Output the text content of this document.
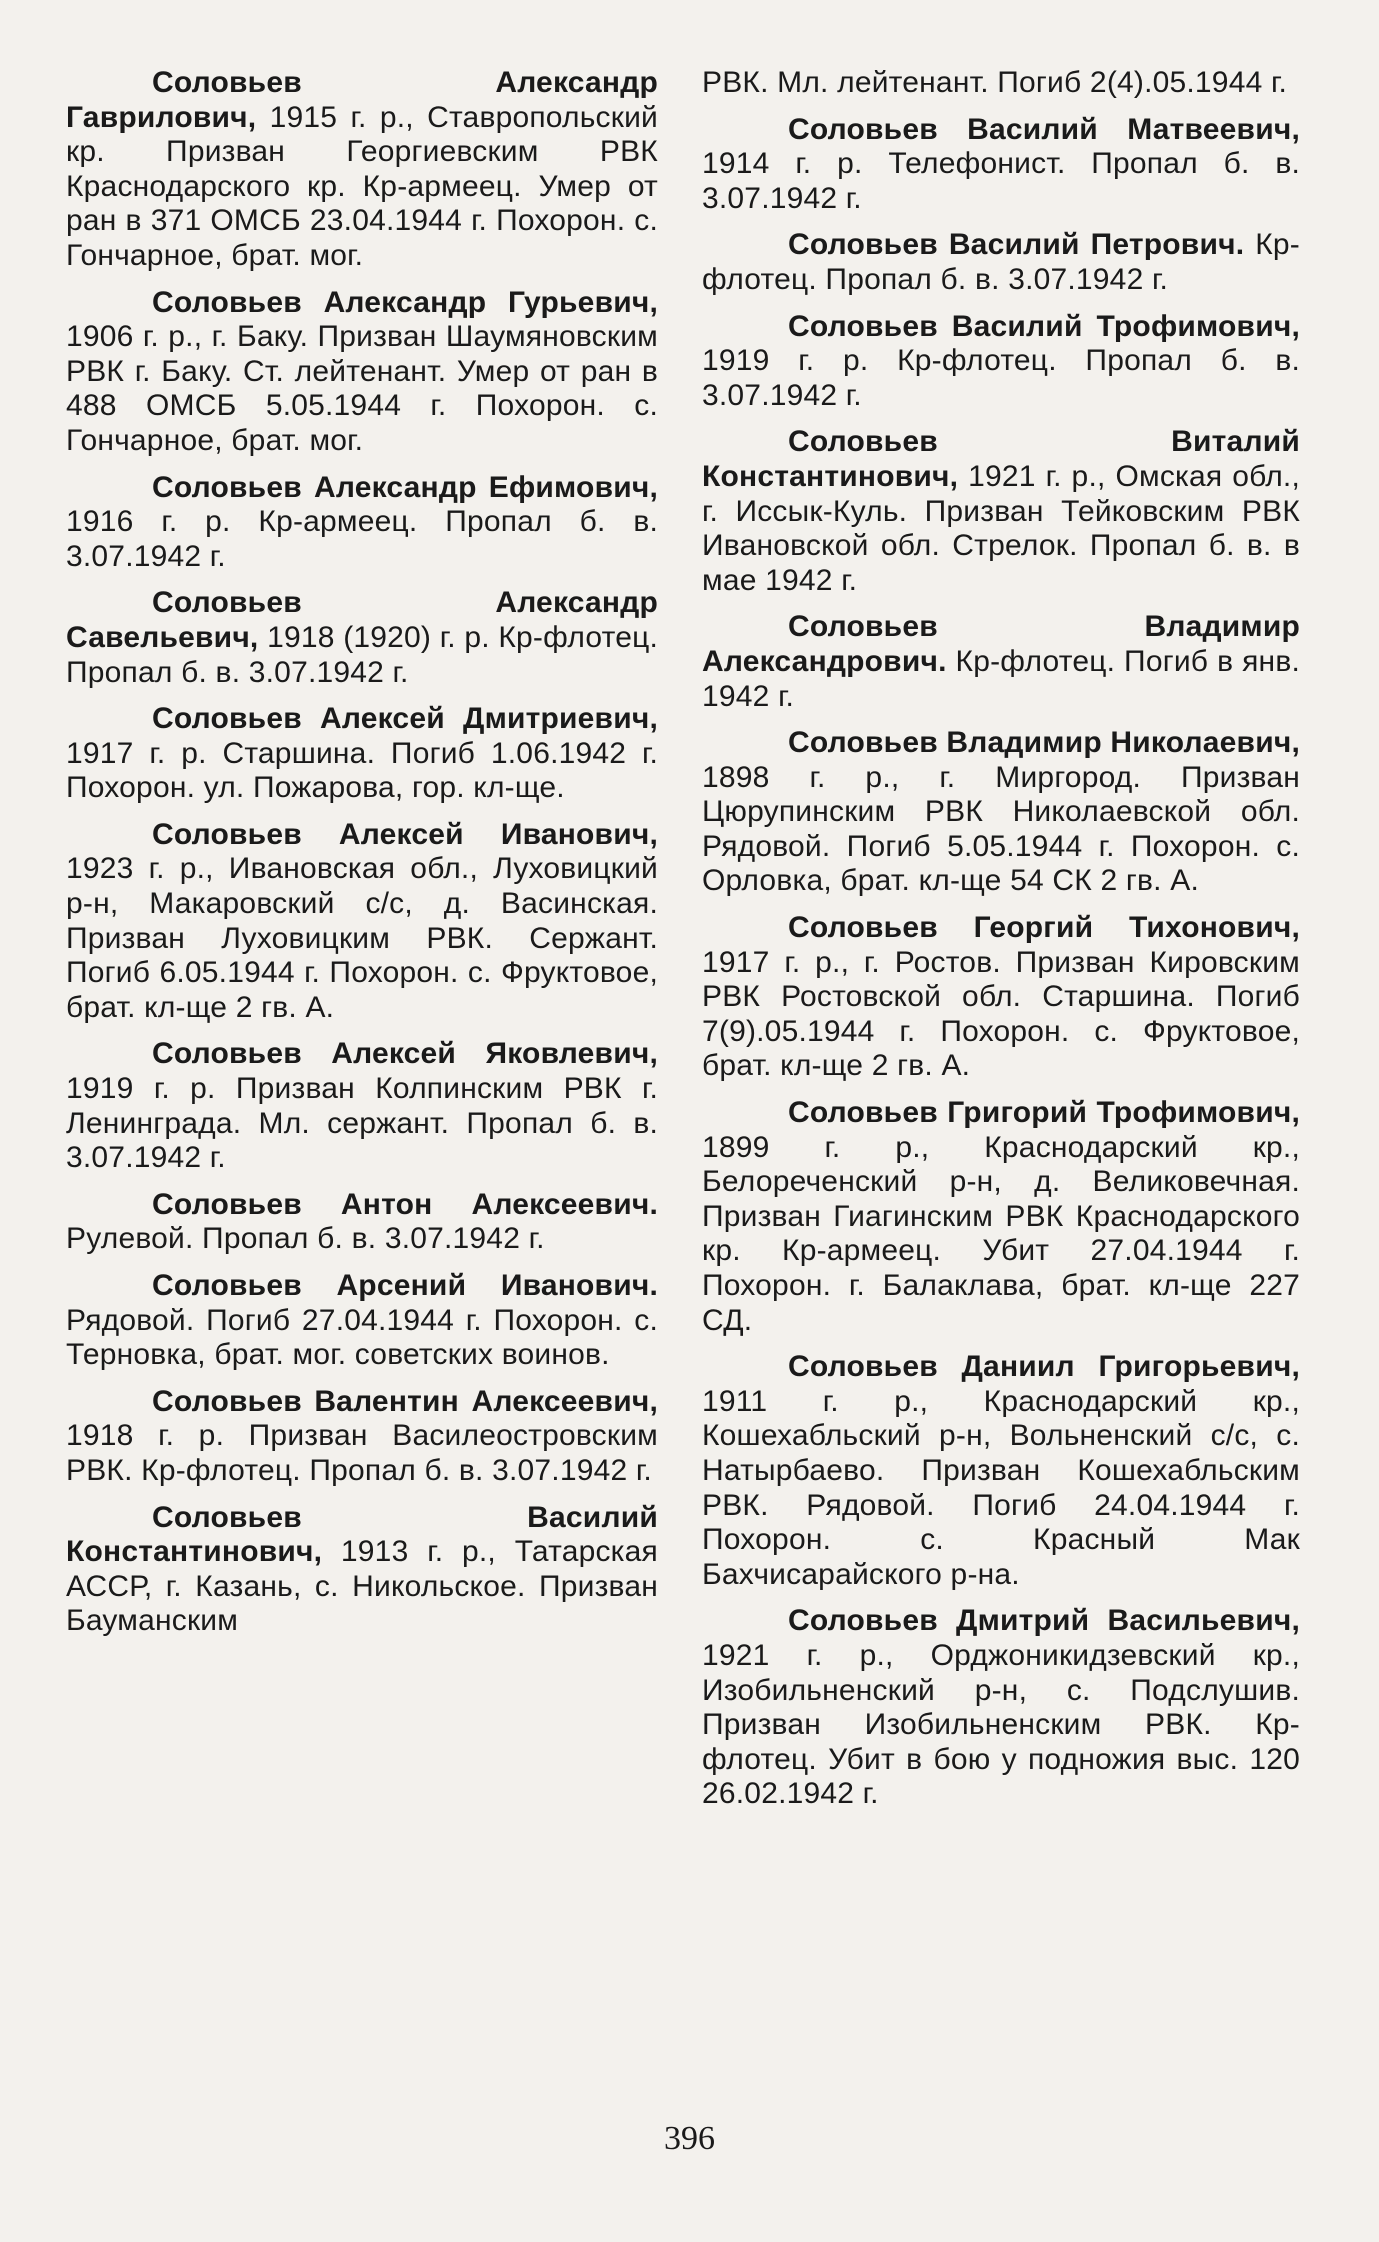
Соловьев Александр Гаврилович, 1915 г. р., Ставропольский кр. Призван Георгиевским РВК Краснодарского кр. Кр-армеец. Умер от ран в 371 ОМСБ 23.04.1944 г. Похорон. с. Гончарное, брат. мог.

Соловьев Александр Гурьевич, 1906 г. р., г. Баку. Призван Шаумяновским РВК г. Баку. Ст. лейтенант. Умер от ран в 488 ОМСБ 5.05.1944 г. Похорон. с. Гончарное, брат. мог.

Соловьев Александр Ефимович, 1916 г. р. Кр-армеец. Пропал б. в. 3.07.1942 г.

Соловьев Александр Савельевич, 1918 (1920) г. р. Кр-флотец. Пропал б. в. 3.07.1942 г.

Соловьев Алексей Дмитриевич, 1917 г. р. Старшина. Погиб 1.06.1942 г. Похорон. ул. Пожарова, гор. кл-ще.

Соловьев Алексей Иванович, 1923 г. р., Ивановская обл., Луховицкий р-н, Макаровский с/с, д. Васинская. Призван Луховицким РВК. Сержант. Погиб 6.05.1944 г. Похорон. с. Фруктовое, брат. кл-ще 2 гв. А.

Соловьев Алексей Яковлевич, 1919 г. р. Призван Колпинским РВК г. Ленинграда. Мл. сержант. Пропал б. в. 3.07.1942 г.

Соловьев Антон Алексеевич. Рулевой. Пропал б. в. 3.07.1942 г.

Соловьев Арсений Иванович. Рядовой. Погиб 27.04.1944 г. Похорон. с. Терновка, брат. мог. советских воинов.

Соловьев Валентин Алексеевич, 1918 г. р. Призван Василеостровским РВК. Кр-флотец. Пропал б. в. 3.07.1942 г.

Соловьев Василий Константинович, 1913 г. р., Татарская АССР, г. Казань, с. Никольское. Призван Бауманским

РВК. Мл. лейтенант. Погиб 2(4).05.1944 г.

Соловьев Василий Матвеевич, 1914 г. р. Телефонист. Пропал б. в. 3.07.1942 г.

Соловьев Василий Петрович. Кр-флотец. Пропал б. в. 3.07.1942 г.

Соловьев Василий Трофимович, 1919 г. р. Кр-флотец. Пропал б. в. 3.07.1942 г.

Соловьев Виталий Константинович, 1921 г. р., Омская обл., г. Иссык-Куль. Призван Тейковским РВК Ивановской обл. Стрелок. Пропал б. в. в мае 1942 г.

Соловьев Владимир Александрович. Кр-флотец. Погиб в янв. 1942 г.

Соловьев Владимир Николаевич, 1898 г. р., г. Миргород. Призван Цюрупинским РВК Николаевской обл. Рядовой. Погиб 5.05.1944 г. Похорон. с. Орловка, брат. кл-ще 54 СК 2 гв. А.

Соловьев Георгий Тихонович, 1917 г. р., г. Ростов. Призван Кировским РВК Ростовской обл. Старшина. Погиб 7(9).05.1944 г. Похорон. с. Фруктовое, брат. кл-ще 2 гв. А.

Соловьев Григорий Трофимович, 1899 г. р., Краснодарский кр., Белореченский р-н, д. Великовечная. Призван Гиагинским РВК Краснодарского кр. Кр-армеец. Убит 27.04.1944 г. Похорон. г. Балаклава, брат. кл-ще 227 СД.

Соловьев Даниил Григорьевич, 1911 г. р., Краснодарский кр., Кошехабльский р-н, Вольненский с/с, с. Натырбаево. Призван Кошехабльским РВК. Рядовой. Погиб 24.04.1944 г. Похорон. с. Красный Мак Бахчисарайского р-на.

Соловьев Дмитрий Васильевич, 1921 г. р., Орджоникидзевский кр., Изобильненский р-н, с. Подслушив. Призван Изобильненским РВК. Кр-флотец. Убит в бою у подножия выс. 120 26.02.1942 г.

396
